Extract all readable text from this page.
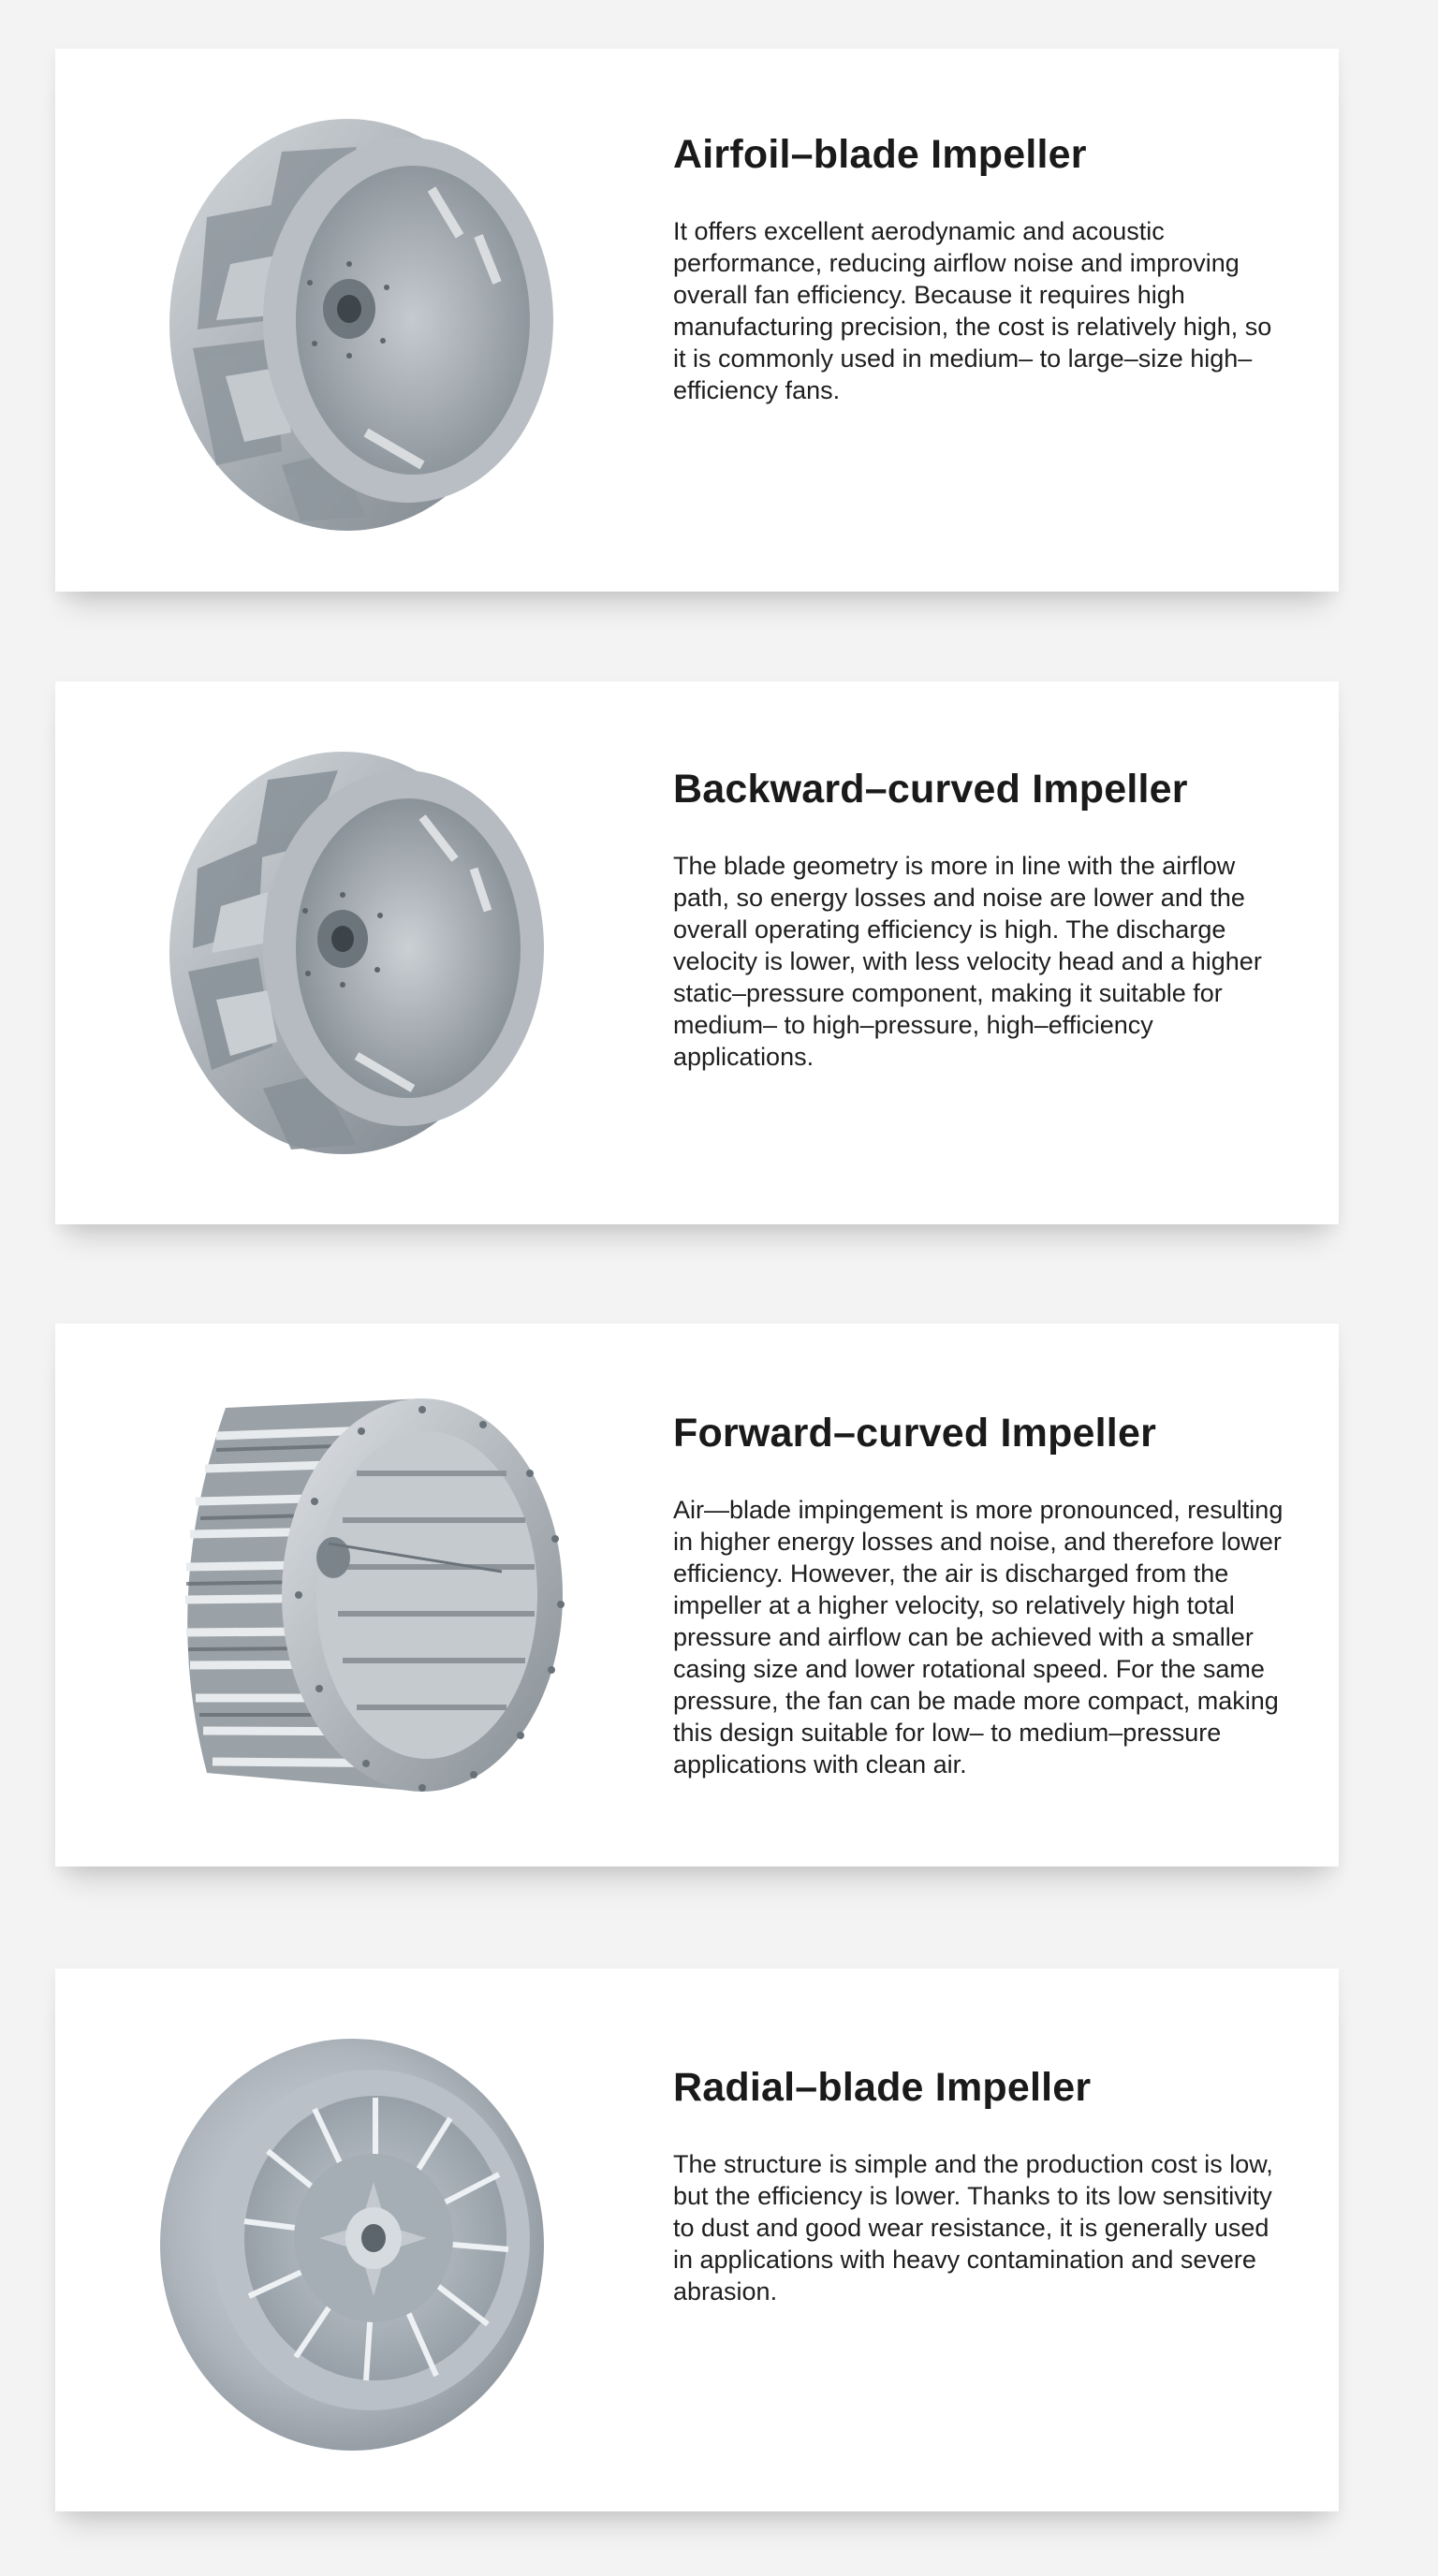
Airfoil–blade Impeller

It offers excellent aerodynamic and acoustic performance, reducing airflow noise and improving overall fan efficiency. Because it requires high manufacturing precision, the cost is relatively high, so it is commonly used in medium– to large–size high–efficiency fans.

Backward–curved Impeller

The blade geometry is more in line with the airflow path, so energy losses and noise are lower and the overall operating efficiency is high. The discharge velocity is lower, with less velocity head and a higher static–pressure component, making it suitable for medium– to high–pressure, high–efficiency applications.

Forward–curved Impeller

Air—blade impingement is more pronounced, resulting in higher energy losses and noise, and therefore lower efficiency. However, the air is discharged from the impeller at a higher velocity, so relatively high total pressure and airflow can be achieved with a smaller casing size and lower rotational speed. For the same pressure, the fan can be made more compact, making this design suitable for low– to medium–pressure applications with clean air.

Radial–blade Impeller

The structure is simple and the production cost is low, but the efficiency is lower. Thanks to its low sensitivity to dust and good wear resistance, it is generally used in applications with heavy contamination and severe abrasion.
